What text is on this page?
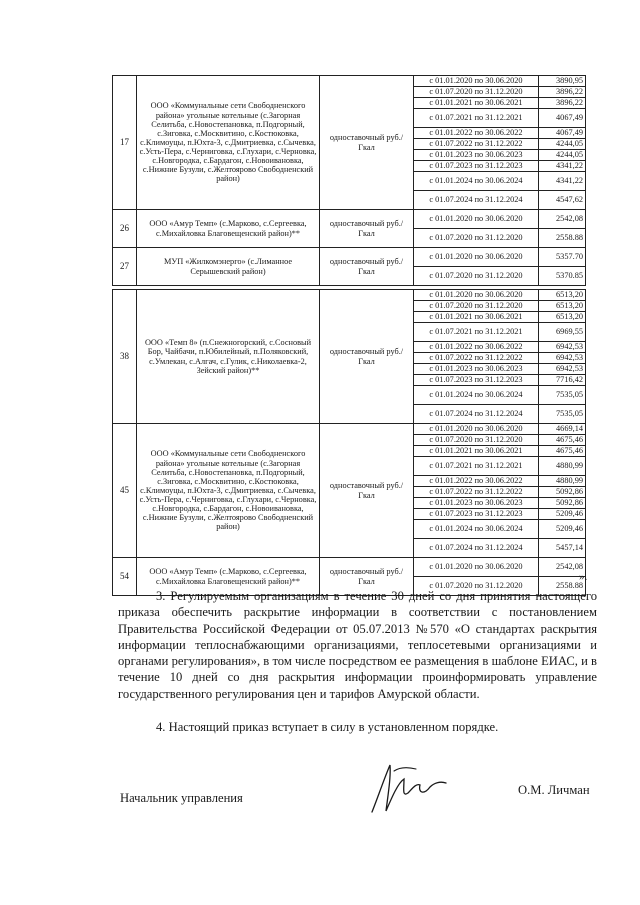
17	ООО «Коммунальные сети Свободненского района» угольные котельные (с.Загорная Селитьба, с.Новостепановка, п.Подгорный, с.Зиговка, с.Москвитино, с.Костюковка, с.Климоуцы, п.Юхта-3, с.Дмитриевка, с.Сычевка, с.Усть-Пера, с.Черниговка, с.Глухари, с.Черновка, с.Новгородка, с.Бардагон, с.Новоивановка, с.Нижние Бузули, с.Желтоярово Свободненский район)	одноставочный руб./Гкал	с 01.01.2020 по 30.06.2020	3890,95
			с 01.07.2020 по 31.12.2020	3896,22
			с 01.01.2021 по 30.06.2021	3896,22
			с 01.07.2021 по 31.12.2021	4067,49
			с 01.01.2022 по 30.06.2022	4067,49
			с 01.07.2022 по 31.12.2022	4244,05
			с 01.01.2023 по 30.06.2023	4244,05
			с 01.07.2023 по 31.12.2023	4341,22
			с 01.01.2024 по 30.06.2024	4341,22
			с 01.07.2024 по 31.12.2024	4547,62
26	ООО «Амур Темп» (с.Марково, с.Сергеевка, с.Михайловка Благовещенский район)**	одноставочный руб./Гкал	с 01.01.2020 по 30.06.2020	2542,08
			с 01.07.2020 по 31.12.2020	2558.88
27	МУП «Жилкомэнерго» (с.Лиманное Серышевский район)	одноставочный руб./Гкал	с 01.01.2020 по 30.06.2020	5357.70
			с 01.07.2020 по 31.12.2020	5370.85
38	ООО «Темп 8» (п.Снежногорский, с.Сосновый Бор, Чайбачи, п.Юбилейный, п.Поляковский, с.Умлекан, с.Алгач, с.Гулик, с.Николаевка-2, Зейский район)**	одноставочный руб./Гкал	с 01.01.2020 по 30.06.2020	6513,20
			с 01.07.2020 по 31.12.2020	6513,20
			с 01.01.2021 по 30.06.2021	6513,20
			с 01.07.2021 по 31.12.2021	6969,55
			с 01.01.2022 по 30.06.2022	6942,53
			с 01.07.2022 по 31.12.2022	6942,53
			с 01.01.2023 по 30.06.2023	6942,53
			с 01.07.2023 по 31.12.2023	7716,42
			с 01.01.2024 по 30.06.2024	7535,05
			с 01.07.2024 по 31.12.2024	7535,05
45	ООО «Коммунальные сети Свободненского района» угольные котельные (с.Загорная Селитьба, с.Новостепановка, п.Подгорный, с.Зиговка, с.Москвитино, с.Костюковка, с.Климоуцы, п.Юхта-3, с.Дмитриевка, с.Сычевка, с.Усть-Пера, с.Черниговка, с.Глухари, с.Черновка, с.Новгородка, с.Бардагон, с.Новоивановка, с.Нижние Бузули, с.Желтоярово Свободненский район)	одноставочный руб./Гкал	с 01.01.2020 по 30.06.2020	4669,14
			с 01.07.2020 по 31.12.2020	4675,46
			с 01.01.2021 по 30.06.2021	4675,46
			с 01.07.2021 по 31.12.2021	4880,99
			с 01.01.2022 по 30.06.2022	4880,99
			с 01.07.2022 по 31.12.2022	5092,86
			с 01.01.2023 по 30.06.2023	5092,86
			с 01.07.2023 по 31.12.2023	5209,46
			с 01.01.2024 по 30.06.2024	5209,46
			с 01.07.2024 по 31.12.2024	5457,14
54	ООО «Амур Темп» (с.Марково, с.Сергеевка, с.Михайловка Благовещенский район)**	одноставочный руб./Гкал	с 01.01.2020 по 30.06.2020	2542,08
			с 01.07.2020 по 31.12.2020	2558.88
».
3. Регулируемым организациям в течение 30 дней со дня принятия настоящего приказа обеспечить раскрытие информации в соответствии с постановлением Правительства Российской Федерации от 05.07.2013 №570 «О стандартах раскрытия информации теплоснабжающими организациями, теплосетевыми организациями и органами регулирования», в том числе посредством ее размещения в шаблоне ЕИАС, и в течение 10 дней со дня раскрытия информации проинформировать управление государственного регулирования цен и тарифов Амурской области.
4. Настоящий приказ вступает в силу в установленном порядке.
Начальник управления
О.М. Личман
